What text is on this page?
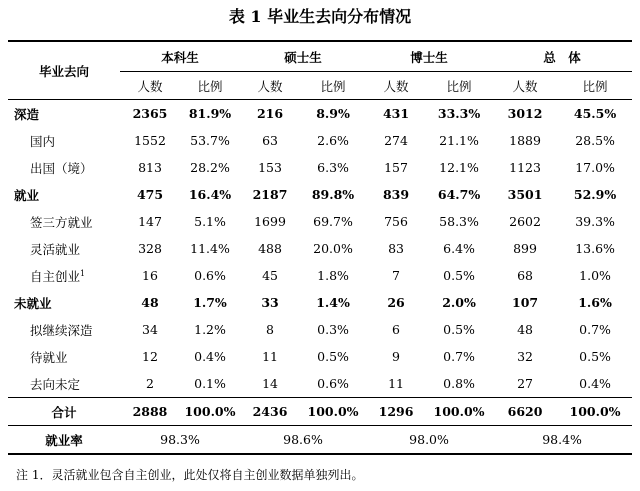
表 1 毕业生去向分布情况
毕业去向	本科生		硕士生		博士生		总　体	
	人数	比例	人数	比例	人数	比例	人数	比例
深造	2365	81.9%	216	8.9%	431	33.3%	3012	45.5%
国内	1552	53.7%	63	2.6%	274	21.1%	1889	28.5%
出国（境）	813	28.2%	153	6.3%	157	12.1%	1123	17.0%
就业	475	16.4%	2187	89.8%	839	64.7%	3501	52.9%
签三方就业	147	5.1%	1699	69.7%	756	58.3%	2602	39.3%
灵活就业	328	11.4%	488	20.0%	83	6.4%	899	13.6%
自主创业$^1$	16	0.6%	45	1.8%	7	0.5%	68	1.0%
未就业	48	1.7%	33	1.4%	26	2.0%	107	1.6%
拟继续深造	34	1.2%	8	0.3%	6	0.5%	48	0.7%
待就业	12	0.4%	11	0.5%	9	0.7%	32	0.5%
去向未定	2	0.1%	14	0.6%	11	0.8%	27	0.4%
合计	2888	100.0%	2436	100.0%	1296	100.0%	6620	100.0%
就业率	98.3%		98.6%		98.0%		98.4%	
注 1．灵活就业包含自主创业，此处仅将自主创业数据单独列出。
